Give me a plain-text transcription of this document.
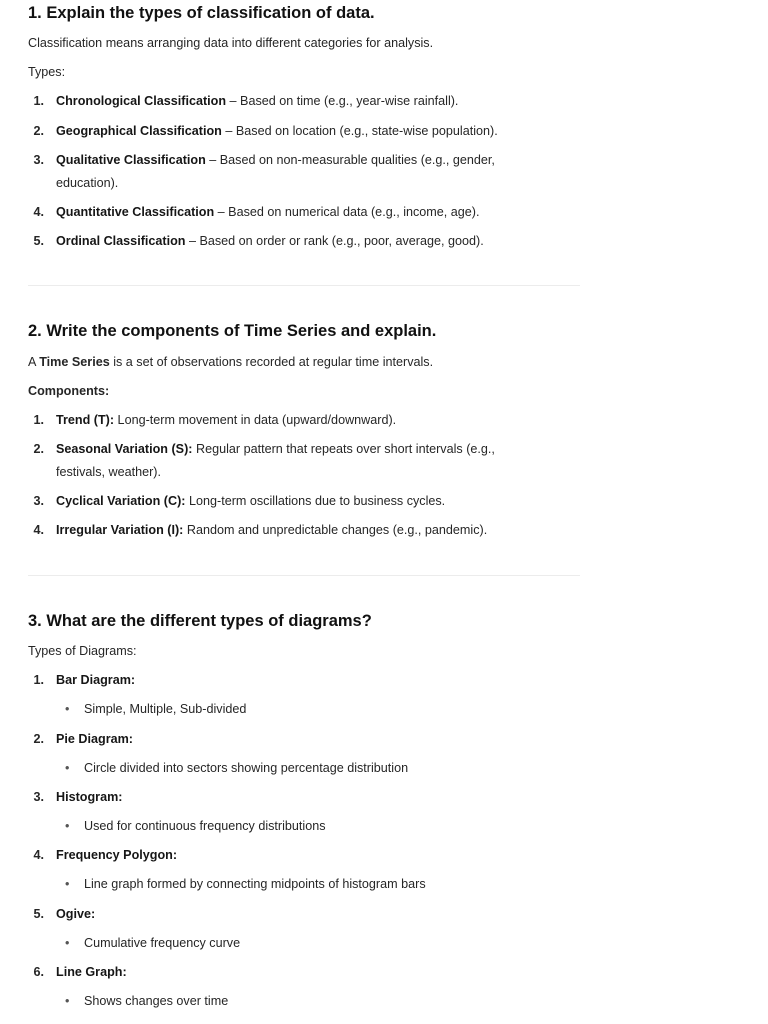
1. Explain the types of classification of data.
Classification means arranging data into different categories for analysis.
Types:
1. Chronological Classification – Based on time (e.g., year-wise rainfall).
2. Geographical Classification – Based on location (e.g., state-wise population).
3. Qualitative Classification – Based on non-measurable qualities (e.g., gender,
education).
4. Quantitative Classification – Based on numerical data (e.g., income, age).
5. Ordinal Classification – Based on order or rank (e.g., poor, average, good).
2. Write the components of Time Series and explain.
A Time Series is a set of observations recorded at regular time intervals.
Components:
1. Trend (T): Long-term movement in data (upward/downward).
2. Seasonal Variation (S): Regular pattern that repeats over short intervals (e.g.,
festivals, weather).
3. Cyclical Variation (C): Long-term oscillations due to business cycles.
4. Irregular Variation (I): Random and unpredictable changes (e.g., pandemic).
3. What are the different types of diagrams?
Types of Diagrams:
1. Bar Diagram:
• Simple, Multiple, Sub-divided
2. Pie Diagram:
• Circle divided into sectors showing percentage distribution
3. Histogram:
• Used for continuous frequency distributions
4. Frequency Polygon:
• Line graph formed by connecting midpoints of histogram bars
5. Ogive:
• Cumulative frequency curve
6. Line Graph:
• Shows changes over time
